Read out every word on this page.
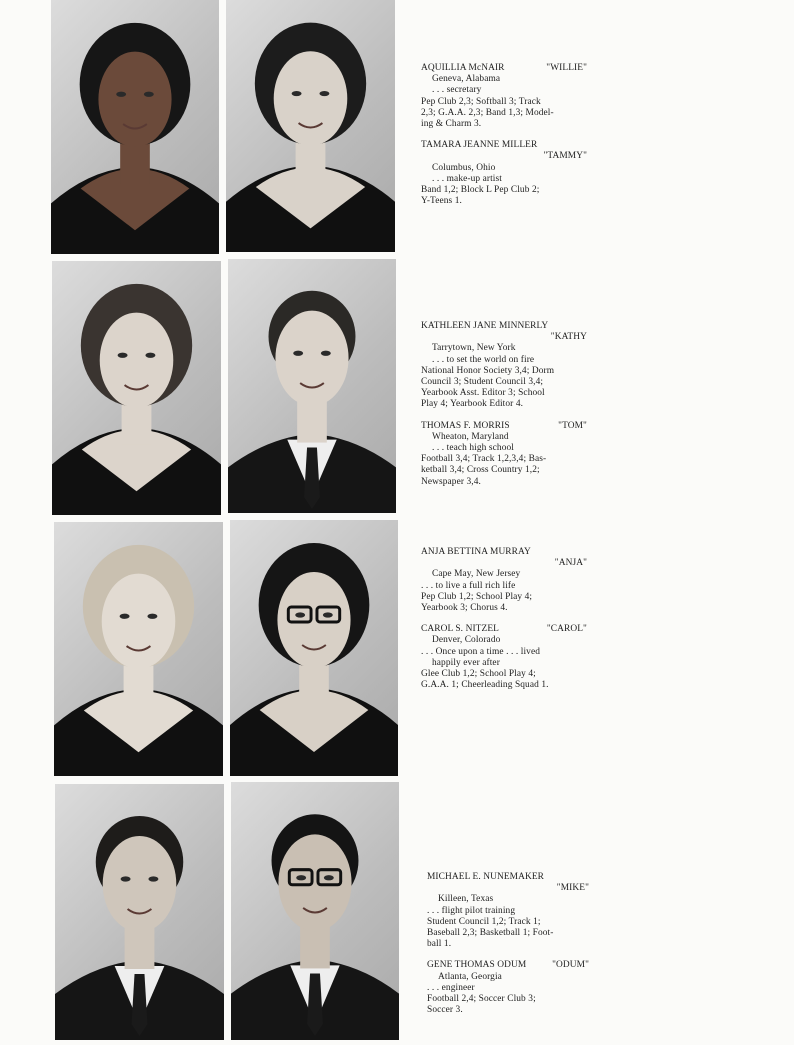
AQUILLIA McNAIR	"WILLIE"
Geneva, Alabama
. . . secretary
Pep Club 2,3; Softball 3; Track
2,3; G.A.A. 2,3; Band 1,3; Model-
ing & Charm 3.
TAMARA JEANNE MILLER
"TAMMY"
Columbus, Ohio
. . . make-up artist
Band 1,2; Block L Pep Club 2;
Y-Teens 1.
KATHLEEN JANE MINNERLY
"KATHY
Tarrytown, New York
. . . to set the world on fire
National Honor Society 3,4; Dorm
Council 3; Student Council 3,4;
Yearbook Asst. Editor 3; School
Play 4; Yearbook Editor 4.
THOMAS F. MORRIS	"TOM"
Wheaton, Maryland
. . . teach high school
Football 3,4; Track 1,2,3,4; Bas-
ketball 3,4; Cross Country 1,2;
Newspaper 3,4.
ANJA BETTINA MURRAY
"ANJA"
Cape May, New Jersey
. . . to live a full rich life
Pep Club 1,2; School Play 4;
Yearbook 3; Chorus 4.
CAROL S. NITZEL	"CAROL"
Denver, Colorado
. . . Once upon a time . . . lived
happily ever after
Glee Club 1,2; School Play 4;
G.A.A. 1; Cheerleading Squad 1.
MICHAEL E. NUNEMAKER
"MIKE"
Killeen, Texas
. . . flight pilot training
Student Council 1,2; Track 1;
Baseball 2,3; Basketball 1; Foot-
ball 1.
GENE THOMAS ODUM	"ODUM"
Atlanta, Georgia
. . . engineer
Football 2,4; Soccer Club 3;
Soccer 3.
